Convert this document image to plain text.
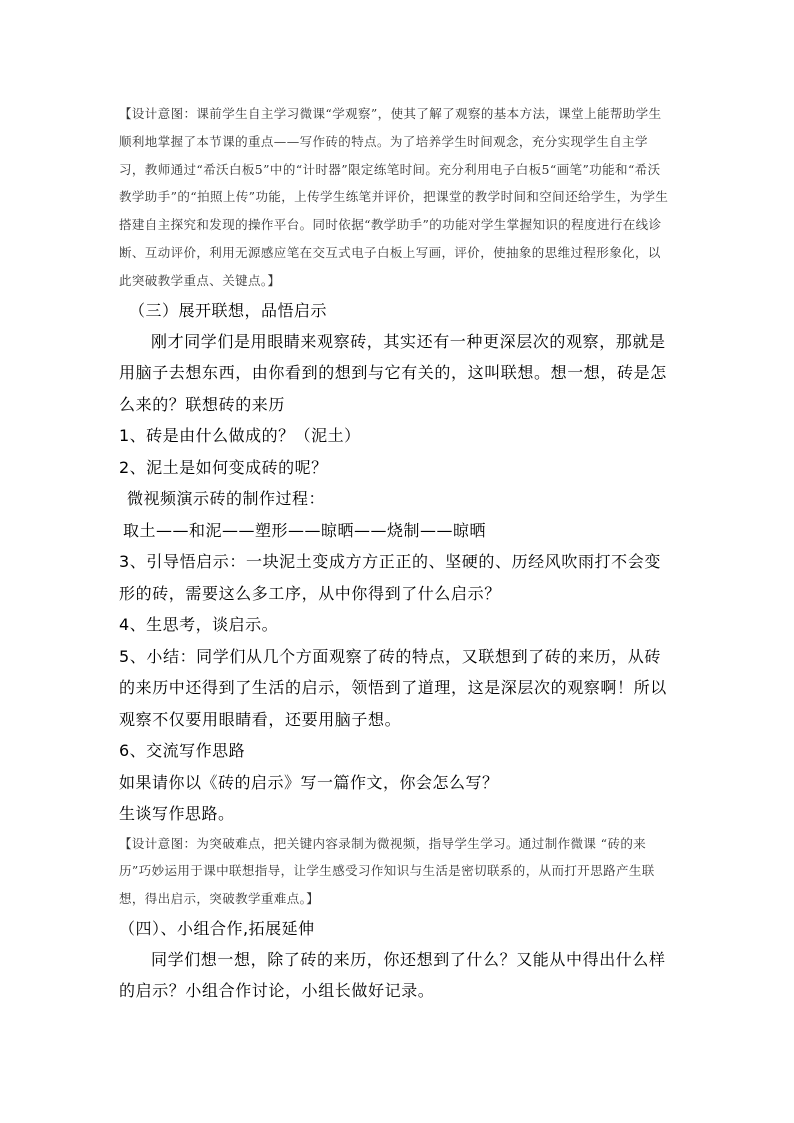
【设计意图：课前学生自主学习微课“学观察”，使其了解了观察的基本方法，课堂上能帮助学生顺利地掌握了本节课的重点——写作砖的特点。为了培养学生时间观念，充分实现学生自主学习，教师通过“希沃白板5”中的“计时器”限定练笔时间。充分利用电子白板5“画笔”功能和“希沃教学助手”的“拍照上传”功能，上传学生练笔并评价，把课堂的教学时间和空间还给学生，为学生搭建自主探究和发现的操作平台。同时依据“教学助手”的功能对学生掌握知识的程度进行在线诊断、互动评价，利用无源感应笔在交互式电子白板上写画，评价，使抽象的思维过程形象化，以此突破教学重点、关键点。】

（三）展开联想，品悟启示

刚才同学们是用眼睛来观察砖，其实还有一种更深层次的观察，那就是用脑子去想东西，由你看到的想到与它有关的，这叫联想。想一想，砖是怎么来的？联想砖的来历

1、砖是由什么做成的？（泥土）

2、泥土是如何变成砖的呢？

微视频演示砖的制作过程：

取土——和泥——塑形——晾晒——烧制——晾晒

3、引导悟启示：一块泥土变成方方正正的、坚硬的、历经风吹雨打不会变形的砖，需要这么多工序，从中你得到了什么启示？

4、生思考，谈启示。

5、小结：同学们从几个方面观察了砖的特点，又联想到了砖的来历，从砖的来历中还得到了生活的启示，领悟到了道理，这是深层次的观察啊！所以观察不仅要用眼睛看，还要用脑子想。

6、交流写作思路

如果请你以《砖的启示》写一篇作文，你会怎么写？

生谈写作思路。

【设计意图：为突破难点，把关键内容录制为微视频，指导学生学习。通过制作微课 “砖的来历”巧妙运用于课中联想指导，让学生感受习作知识与生活是密切联系的，从而打开思路产生联想，得出启示，突破教学重难点。】

（四）、小组合作,拓展延伸

同学们想一想，除了砖的来历，你还想到了什么？又能从中得出什么样的启示？小组合作讨论，小组长做好记录。
